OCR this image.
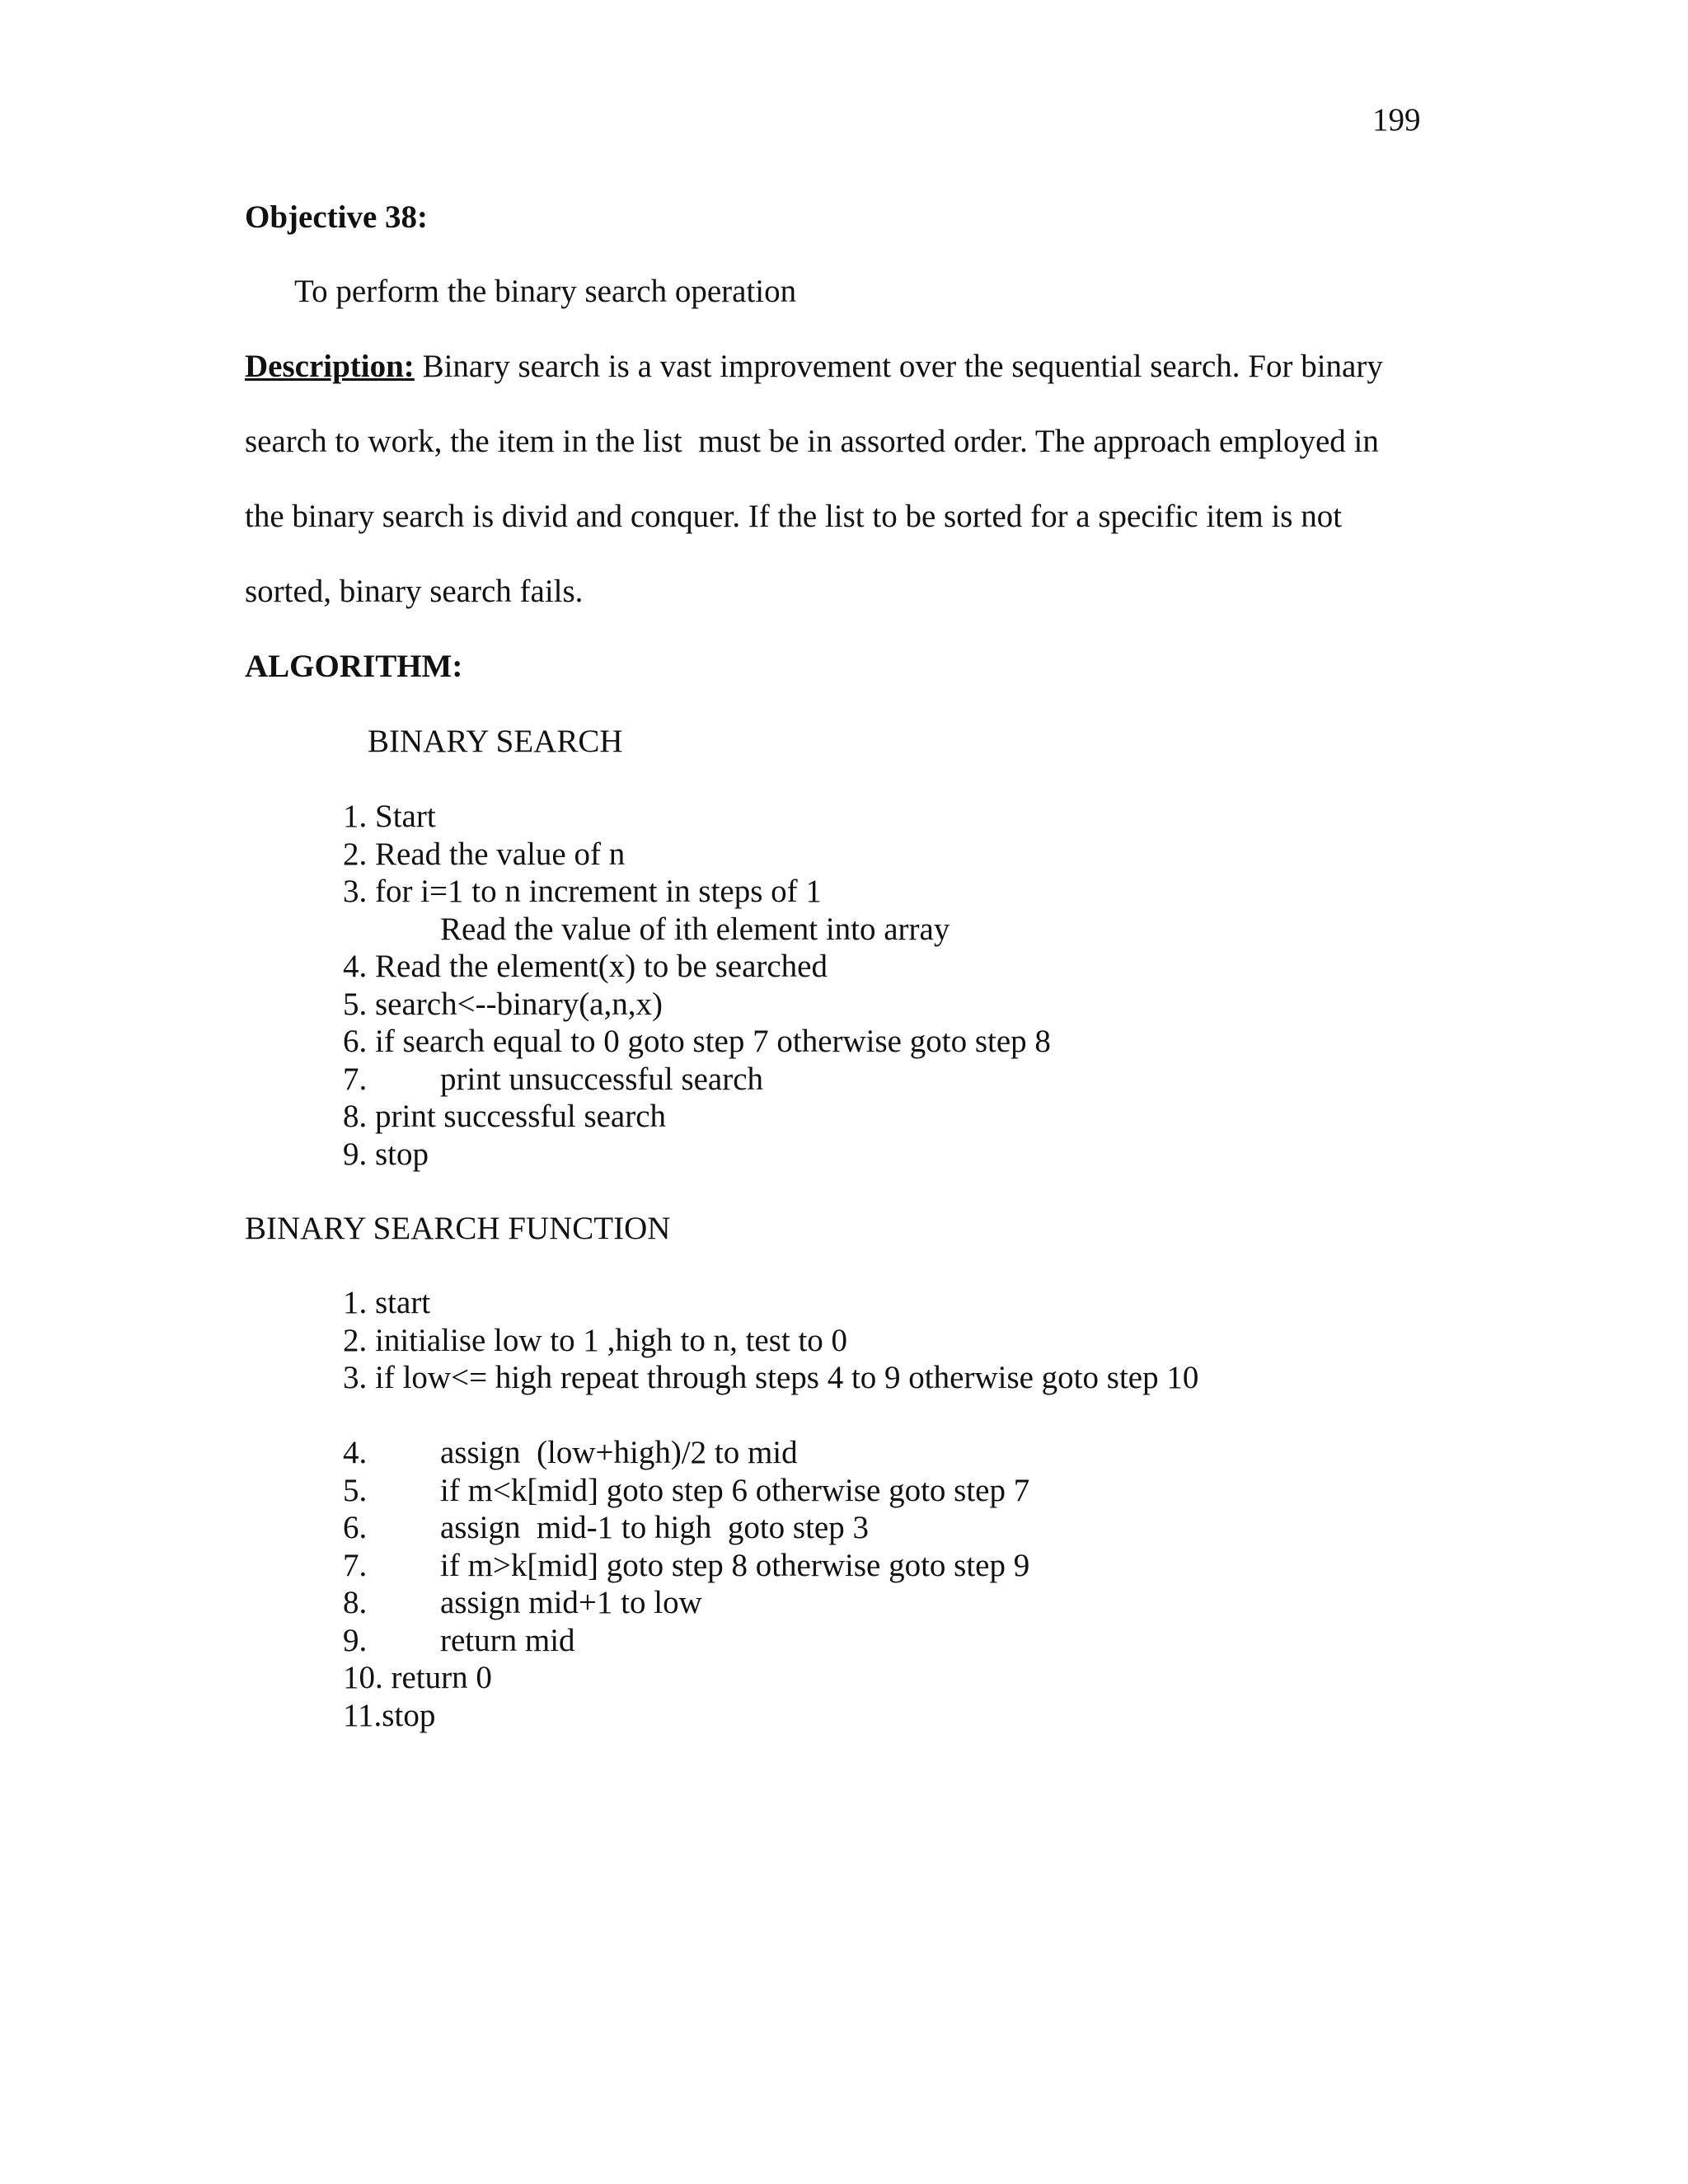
199
Objective 38:
To perform the binary search operation
Description: Binary search is a vast improvement over the sequential search. For binary
search to work, the item in the list  must be in assorted order. The approach employed in
the binary search is divid and conquer. If the list to be sorted for a specific item is not
sorted, binary search fails.
ALGORITHM:
BINARY SEARCH
1. Start
2. Read the value of n
3. for i=1 to n increment in steps of 1
Read the value of ith element into array
4. Read the element(x) to be searched
5. search<--binary(a,n,x)
6. if search equal to 0 goto step 7 otherwise goto step 8
7. print unsuccessful search
8. print successful search
9. stop
BINARY SEARCH FUNCTION
1. start
2. initialise low to 1 ,high to n, test to 0
3. if low<= high repeat through steps 4 to 9 otherwise goto step 10
4. assign  (low+high)/2 to mid
5. if m<k[mid] goto step 6 otherwise goto step 7
6. assign  mid-1 to high  goto step 3
7. if m>k[mid] goto step 8 otherwise goto step 9
8. assign mid+1 to low
9. return mid
10. return 0
11.stop
